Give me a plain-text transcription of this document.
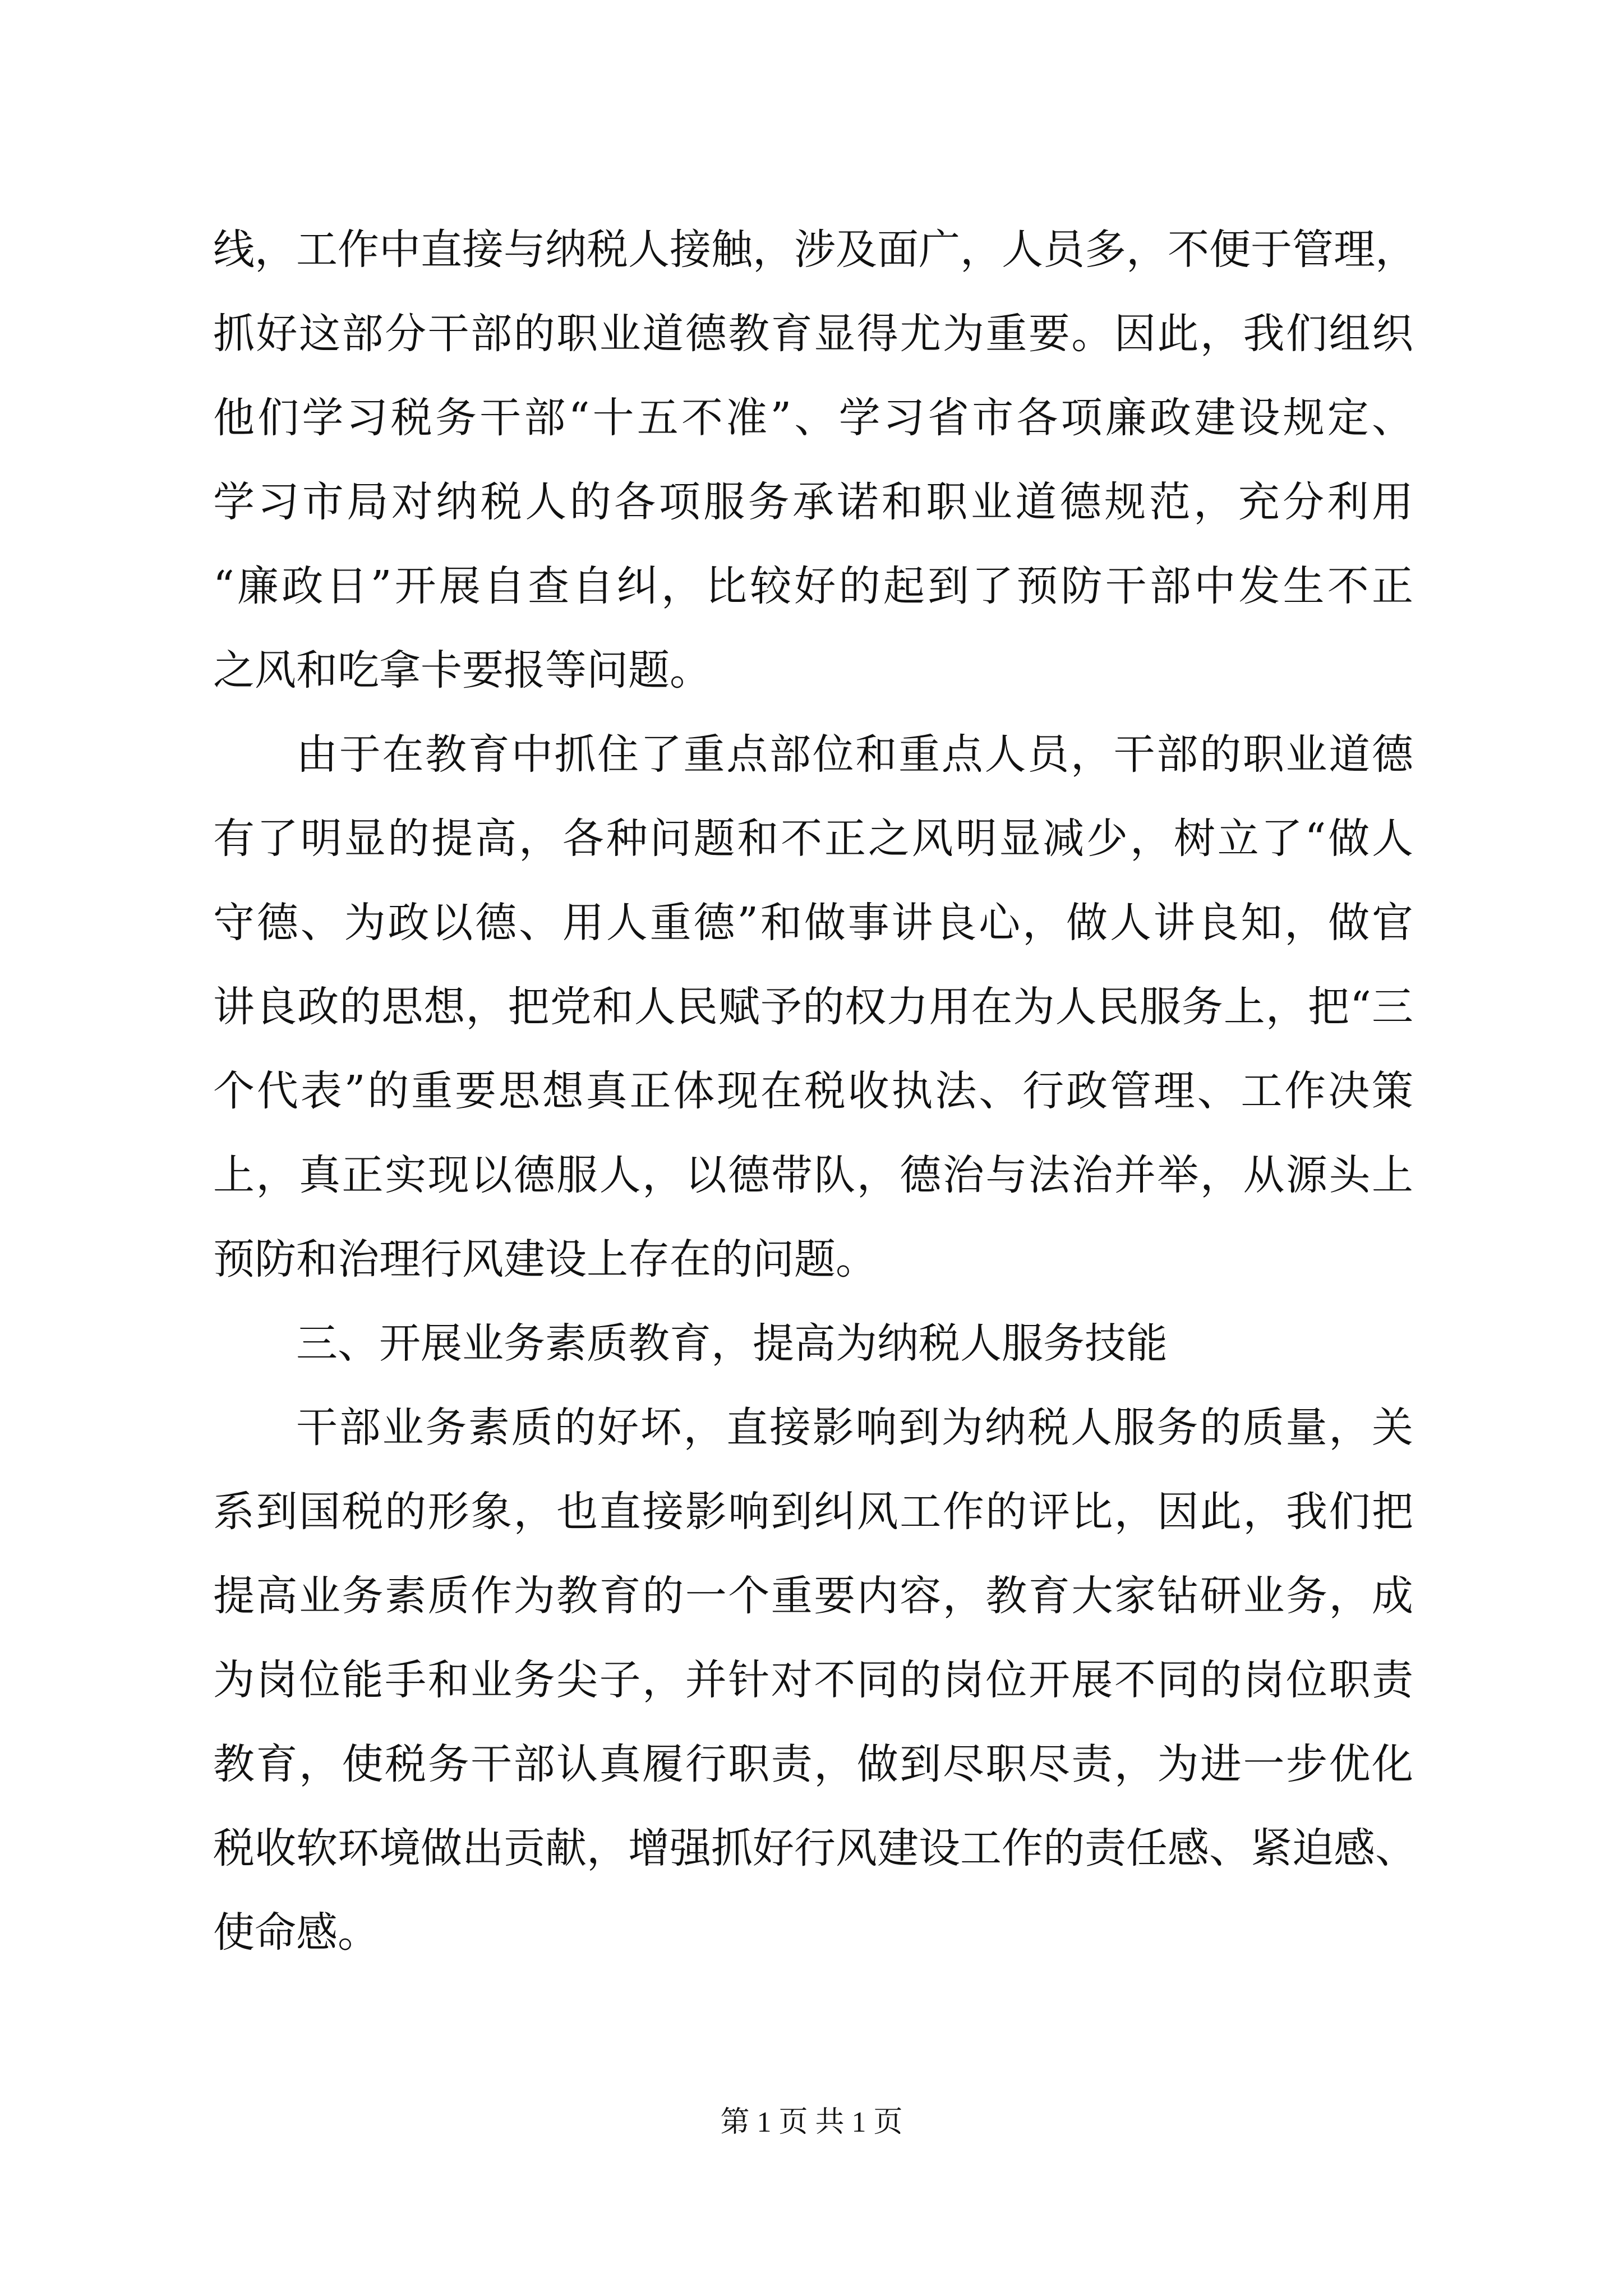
线，工作中直接与纳税人接触，涉及面广，人员多，不便于管理，
抓好这部分干部的职业道德教育显得尤为重要。因此，我们组织
他们学习税务干部“十五不准”、学习省市各项廉政建设规定、
学习市局对纳税人的各项服务承诺和职业道德规范，充分利用
“廉政日”开展自查自纠，比较好的起到了预防干部中发生不正
之风和吃拿卡要报等问题。
由于在教育中抓住了重点部位和重点人员，干部的职业道德
有了明显的提高，各种问题和不正之风明显减少，树立了“做人
守德、为政以德、用人重德”和做事讲良心，做人讲良知，做官
讲良政的思想，把党和人民赋予的权力用在为人民服务上，把“三
个代表”的重要思想真正体现在税收执法、行政管理、工作决策
上，真正实现以德服人，以德带队，德治与法治并举，从源头上
预防和治理行风建设上存在的问题。
三、开展业务素质教育，提高为纳税人服务技能
干部业务素质的好坏，直接影响到为纳税人服务的质量，关
系到国税的形象，也直接影响到纠风工作的评比，因此，我们把
提高业务素质作为教育的一个重要内容，教育大家钻研业务，成
为岗位能手和业务尖子，并针对不同的岗位开展不同的岗位职责
教育，使税务干部认真履行职责，做到尽职尽责，为进一步优化
税收软环境做出贡献，增强抓好行风建设工作的责任感、紧迫感、
使命感。
第 1 页 共 1 页
